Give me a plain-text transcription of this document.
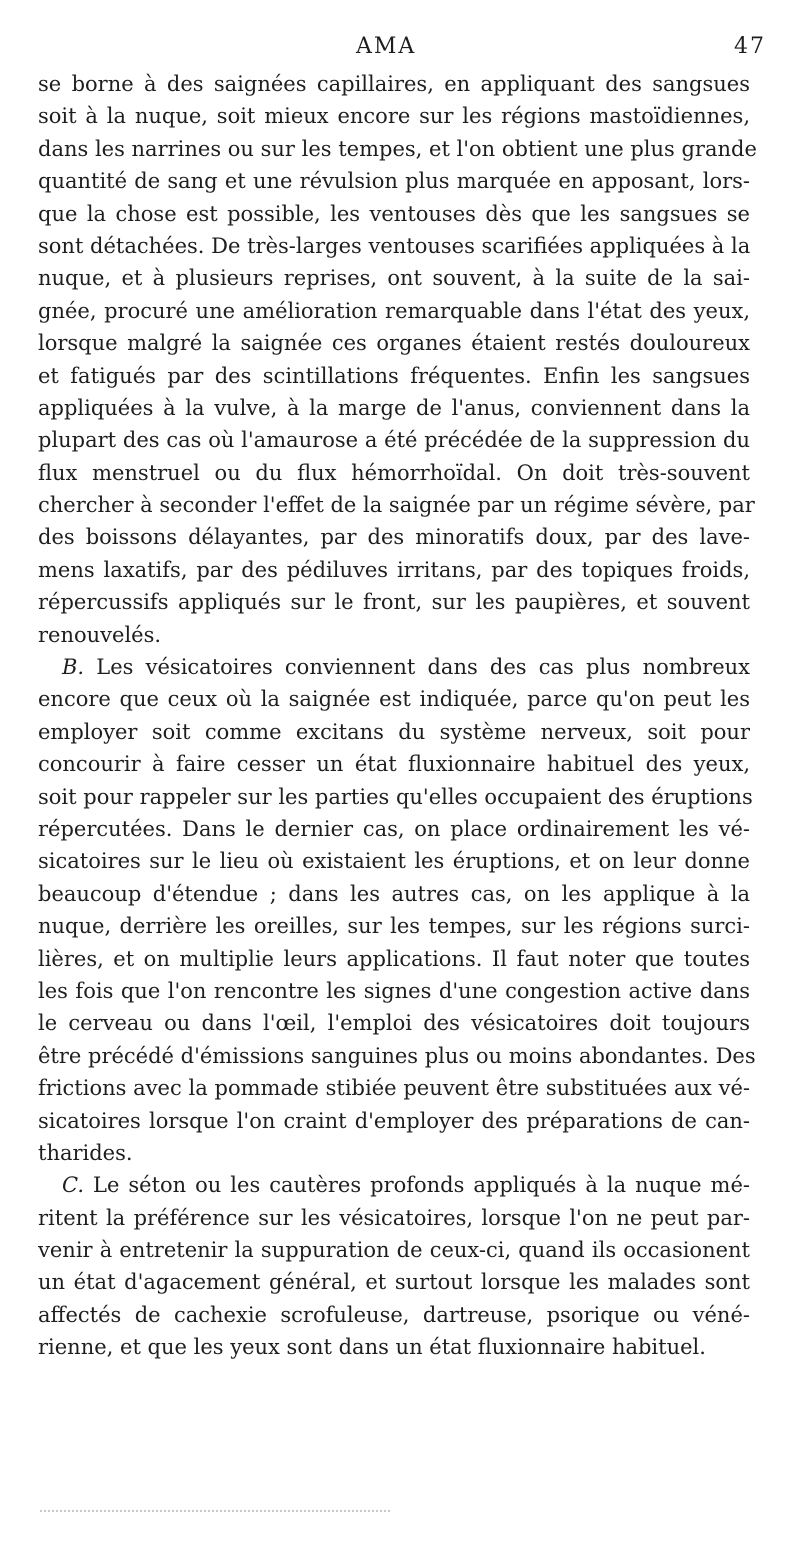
AMA	47
se borne à des saignées capillaires, en appliquant des sangsues
soit à la nuque, soit mieux encore sur les régions mastoïdiennes,
dans les narrines ou sur les tempes, et l'on obtient une plus grande
quantité de sang et une révulsion plus marquée en apposant, lors-
que la chose est possible, les ventouses dès que les sangsues se
sont détachées. De très-larges ventouses scarifiées appliquées à la
nuque, et à plusieurs reprises, ont souvent, à la suite de la sai-
gnée, procuré une amélioration remarquable dans l'état des yeux,
lorsque malgré la saignée ces organes étaient restés douloureux
et fatigués par des scintillations fréquentes. Enfin les sangsues
appliquées à la vulve, à la marge de l'anus, conviennent dans la
plupart des cas où l'amaurose a été précédée de la suppression du
flux menstruel ou du flux hémorrhoïdal. On doit très-souvent
chercher à seconder l'effet de la saignée par un régime sévère, par
des boissons délayantes, par des minoratifs doux, par des lave-
mens laxatifs, par des pédiluves irritans, par des topiques froids,
répercussifs appliqués sur le front, sur les paupières, et souvent
renouvelés.
B. Les vésicatoires conviennent dans des cas plus nombreux
encore que ceux où la saignée est indiquée, parce qu'on peut les
employer soit comme excitans du système nerveux, soit pour
concourir à faire cesser un état fluxionnaire habituel des yeux,
soit pour rappeler sur les parties qu'elles occupaient des éruptions
répercutées. Dans le dernier cas, on place ordinairement les vé-
sicatoires sur le lieu où existaient les éruptions, et on leur donne
beaucoup d'étendue ; dans les autres cas, on les applique à la
nuque, derrière les oreilles, sur les tempes, sur les régions surci-
lières, et on multiplie leurs applications. Il faut noter que toutes
les fois que l'on rencontre les signes d'une congestion active dans
le cerveau ou dans l'œil, l'emploi des vésicatoires doit toujours
être précédé d'émissions sanguines plus ou moins abondantes. Des
frictions avec la pommade stibiée peuvent être substituées aux vé-
sicatoires lorsque l'on craint d'employer des préparations de can-
tharides.
C. Le séton ou les cautères profonds appliqués à la nuque mé-
ritent la préférence sur les vésicatoires, lorsque l'on ne peut par-
venir à entretenir la suppuration de ceux-ci, quand ils occasionent
un état d'agacement général, et surtout lorsque les malades sont
affectés de cachexie scrofuleuse, dartreuse, psorique ou véné-
rienne, et que les yeux sont dans un état fluxionnaire habituel.
